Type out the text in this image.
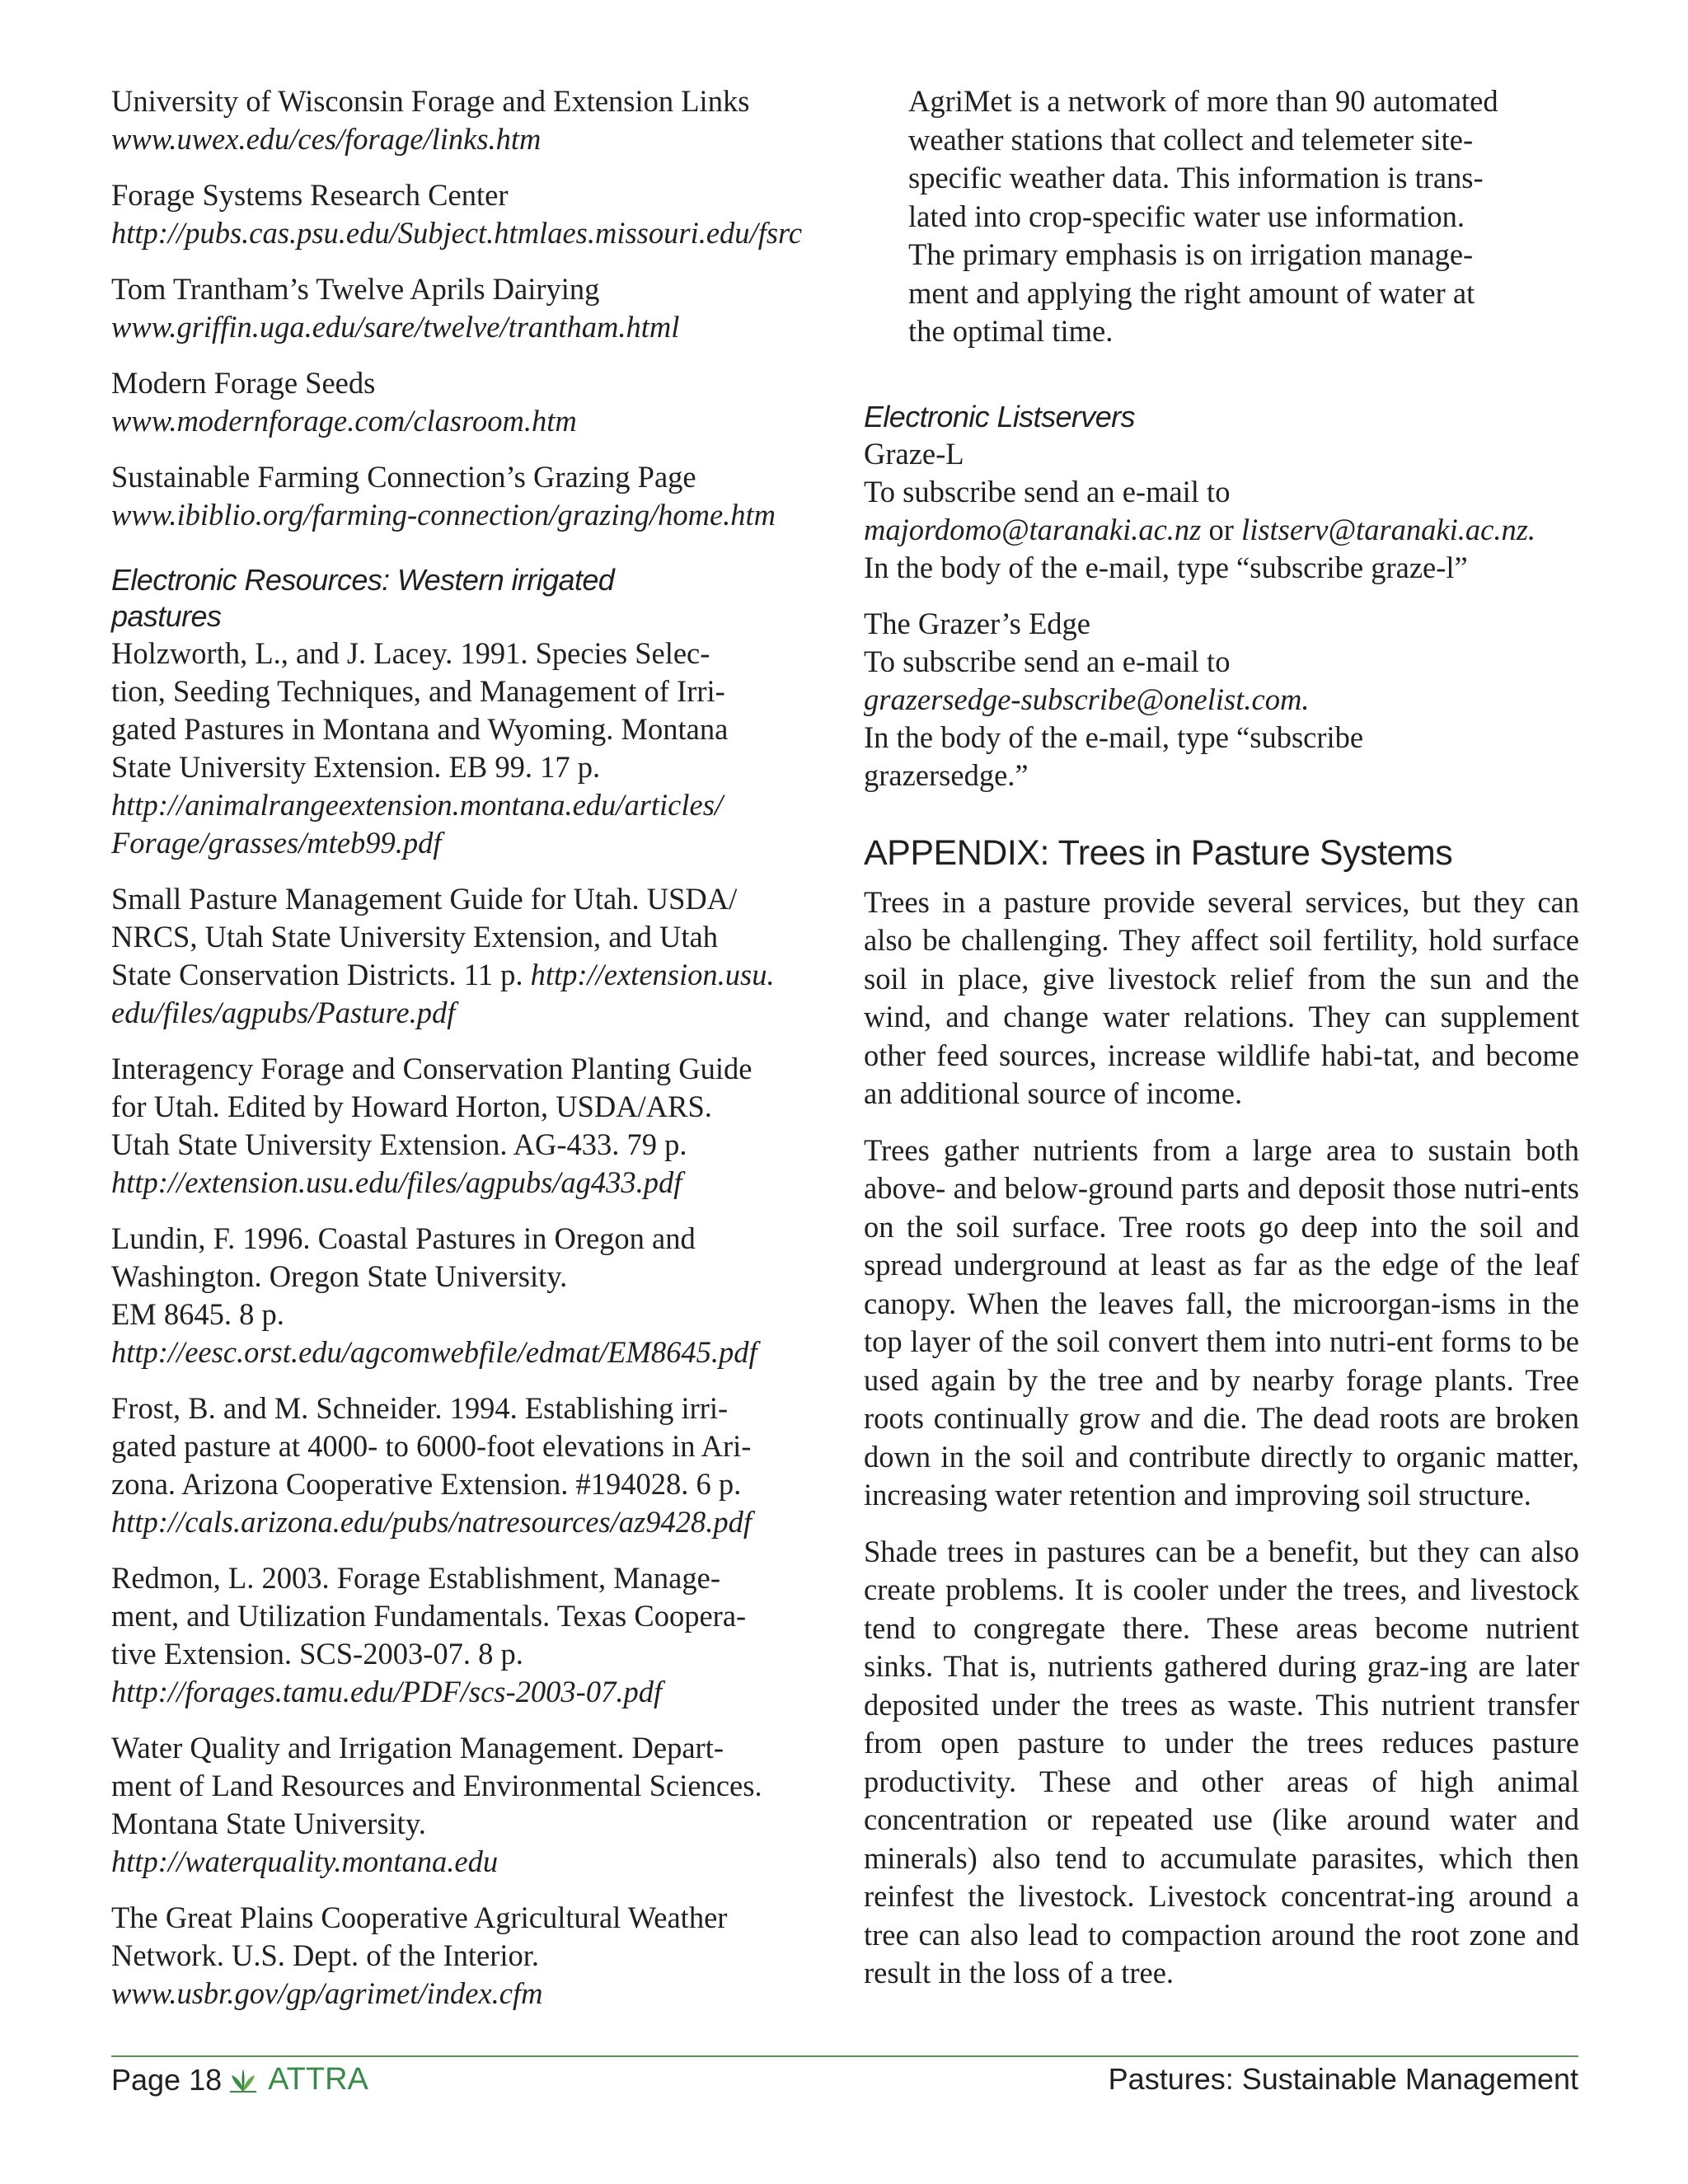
University of Wisconsin Forage and Extension Links
www.uwex.edu/ces/forage/links.htm
Forage Systems Research Center
http://pubs.cas.psu.edu/Subject.htmlaes.missouri.edu/fsrc
Tom Trantham’s Twelve Aprils Dairying
www.griffin.uga.edu/sare/twelve/trantham.html
Modern Forage Seeds
www.modernforage.com/clasroom.htm
Sustainable Farming Connection’s Grazing Page
www.ibiblio.org/farming-connection/grazing/home.htm
Electronic Resources: Western irrigated
pastures
Holzworth, L., and J. Lacey. 1991. Species Selec-
tion, Seeding Techniques, and Management of Irri-
gated Pastures in Montana and Wyoming. Montana
State University Extension. EB 99. 17 p.
http://animalrangeextension.montana.edu/articles/
Forage/grasses/mteb99.pdf
Small Pasture Management Guide for Utah. USDA/
NRCS, Utah State University Extension, and Utah
State Conservation Districts. 11 p. http://extension.usu.
edu/files/agpubs/Pasture.pdf
Interagency Forage and Conservation Planting Guide
for Utah. Edited by Howard Horton, USDA/ARS.
Utah State University Extension. AG-433. 79 p.
http://extension.usu.edu/files/agpubs/ag433.pdf
Lundin, F. 1996. Coastal Pastures in Oregon and
Washington. Oregon State University.
EM 8645. 8 p.
http://eesc.orst.edu/agcomwebfile/edmat/EM8645.pdf
Frost, B. and M. Schneider. 1994. Establishing irri-
gated pasture at 4000- to 6000-foot elevations in Ari-
zona. Arizona Cooperative Extension. #194028. 6 p.
http://cals.arizona.edu/pubs/natresources/az9428.pdf
Redmon, L. 2003. Forage Establishment, Manage-
ment, and Utilization Fundamentals. Texas Coopera-
tive Extension. SCS-2003-07. 8 p.
http://forages.tamu.edu/PDF/scs-2003-07.pdf
Water Quality and Irrigation Management. Depart-
ment of Land Resources and Environmental Sciences.
Montana State University.
http://waterquality.montana.edu
The Great Plains Cooperative Agricultural Weather
Network. U.S. Dept. of the Interior.
www.usbr.gov/gp/agrimet/index.cfm
AgriMet is a network of more than 90 automated
weather stations that collect and telemeter site-
specific weather data. This information is trans-
lated into crop-specific water use information.
The primary emphasis is on irrigation manage-
ment and applying the right amount of water at
the optimal time.
Electronic Listservers
Graze-L
To subscribe send an e-mail to
majordomo@taranaki.ac.nz or listserv@taranaki.ac.nz.
In the body of the e-mail, type “subscribe graze-l”
The Grazer’s Edge
To subscribe send an e-mail to
grazersedge-subscribe@onelist.com.
In the body of the e-mail, type “subscribe
grazersedge.”
APPENDIX: Trees in Pasture Systems

Trees in a pasture provide several services, but they can also be challenging. They affect soil fertility, hold surface soil in place, give livestock relief from the sun and the wind, and change water relations. They can supplement other feed sources, increase wildlife habi-tat, and become an additional source of income.

Trees gather nutrients from a large area to sustain both above- and below-ground parts and deposit those nutri-ents on the soil surface. Tree roots go deep into the soil and spread underground at least as far as the edge of the leaf canopy. When the leaves fall, the microorgan-isms in the top layer of the soil convert them into nutri-ent forms to be used again by the tree and by nearby forage plants. Tree roots continually grow and die. The dead roots are broken down in the soil and contribute directly to organic matter, increasing water retention and improving soil structure.

Shade trees in pastures can be a benefit, but they can also create problems. It is cooler under the trees, and livestock tend to congregate there. These areas become nutrient sinks. That is, nutrients gathered during graz-ing are later deposited under the trees as waste. This nutrient transfer from open pasture to under the trees reduces pasture productivity. These and other areas of high animal concentration or repeated use (like around water and minerals) also tend to accumulate parasites, which then reinfest the livestock. Livestock concentrat-ing around a tree can also lead to compaction around the root zone and result in the loss of a tree.

Page 18 ATTRA	Pastures: Sustainable Management
